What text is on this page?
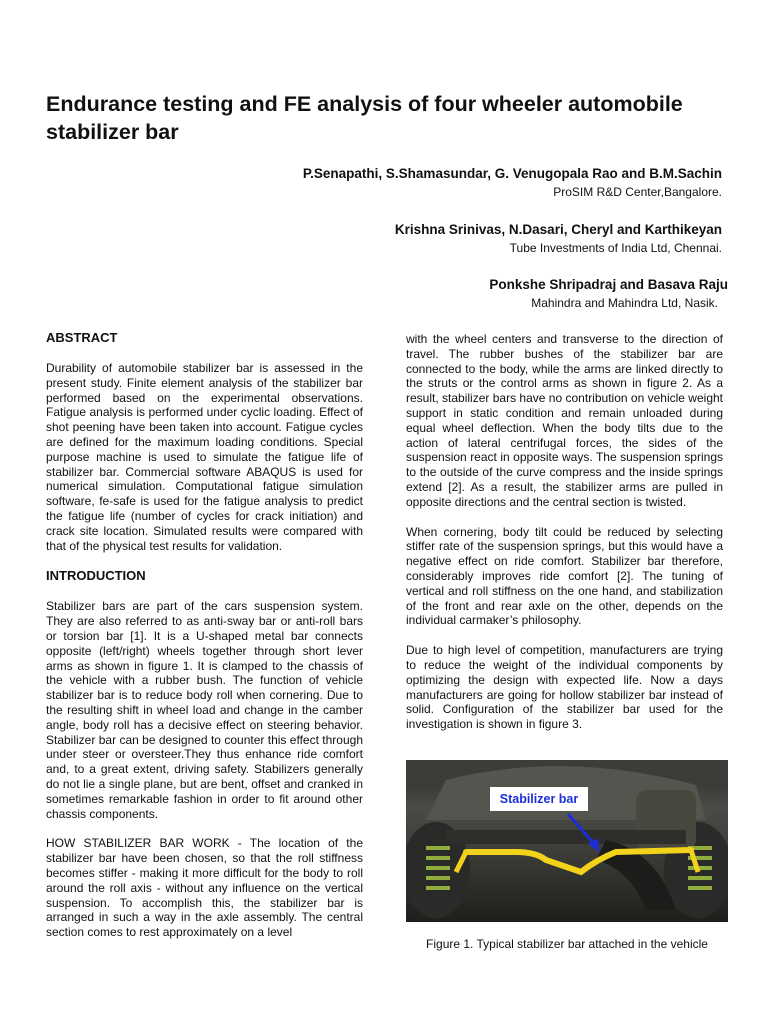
Endurance testing and FE analysis of four wheeler automobile stabilizer bar
P.Senapathi, S.Shamasundar, G. Venugopala Rao and B.M.Sachin
ProSIM R&D Center,Bangalore.
Krishna Srinivas, N.Dasari, Cheryl and Karthikeyan
Tube Investments of India Ltd, Chennai.
Ponkshe Shripadraj and Basava Raju
Mahindra and Mahindra Ltd, Nasik.
ABSTRACT

Durability of automobile stabilizer bar is assessed in the present study. Finite element analysis of the stabilizer bar performed based on the experimental observations. Fatigue analysis is performed under cyclic loading. Effect of shot peening have been taken into account. Fatigue cycles are defined for the maximum loading conditions. Special purpose machine is used to simulate the fatigue life of stabilizer bar. Commercial software ABAQUS is used for numerical simulation. Computational fatigue simulation software, fe-safe is used for the fatigue analysis to predict the fatigue life (number of cycles for crack initiation) and crack site location. Simulated results were compared with that of the physical test results for validation.

INTRODUCTION

Stabilizer bars are part of the cars suspension system. They are also referred to as anti-sway bar or anti-roll bars or torsion bar [1]. It is a U-shaped metal bar connects opposite (left/right) wheels together through short lever arms as shown in figure 1. It is clamped to the chassis of the vehicle with a rubber bush. The function of vehicle stabilizer bar is to reduce body roll when cornering. Due to the resulting shift in wheel load and change in the camber angle, body roll has a decisive effect on steering behavior. Stabilizer bar can be designed to counter this effect through under steer or oversteer.They thus enhance ride comfort and, to a great extent, driving safety. Stabilizers generally do not lie a single plane, but are bent, offset and cranked in sometimes remarkable fashion in order to fit around other chassis components.

HOW STABILIZER BAR WORK - The location of the stabilizer bar have been chosen, so that the roll stiffness becomes stiffer - making it more difficult for the body to roll around the roll axis - without any influence on the vertical suspension. To accomplish this, the stabilizer bar is arranged in such a way in the axle assembly. The central section comes to rest approximately on a level

with the wheel centers and transverse to the direction of travel. The rubber bushes of the stabilizer bar are connected to the body, while the arms are linked directly to the struts or the control arms as shown in figure 2. As a result, stabilizer bars have no contribution on vehicle weight support in static condition and remain unloaded during equal wheel deflection. When the body tilts due to the action of lateral centrifugal forces, the sides of the suspension react in opposite ways. The suspension springs to the outside of the curve compress and the inside springs extend [2]. As a result, the stabilizer arms are pulled in opposite directions and the central section is twisted.

When cornering, body tilt could be reduced by selecting stiffer rate of the suspension springs, but this would have a negative effect on ride comfort. Stabilizer bar therefore, considerably improves ride comfort [2]. The tuning of vertical and roll stiffness on the one hand, and stabilization of the front and rear axle on the other, depends on the individual carmaker’s philosophy.

Due to high level of competition, manufacturers are trying to reduce the weight of the individual components by optimizing the design with expected life. Now a days manufacturers are going for hollow stabilizer bar instead of solid. Configuration of the stabilizer bar used for the investigation is shown in figure 3.

Stabilizer bar
Figure 1. Typical stabilizer bar attached in the vehicle
